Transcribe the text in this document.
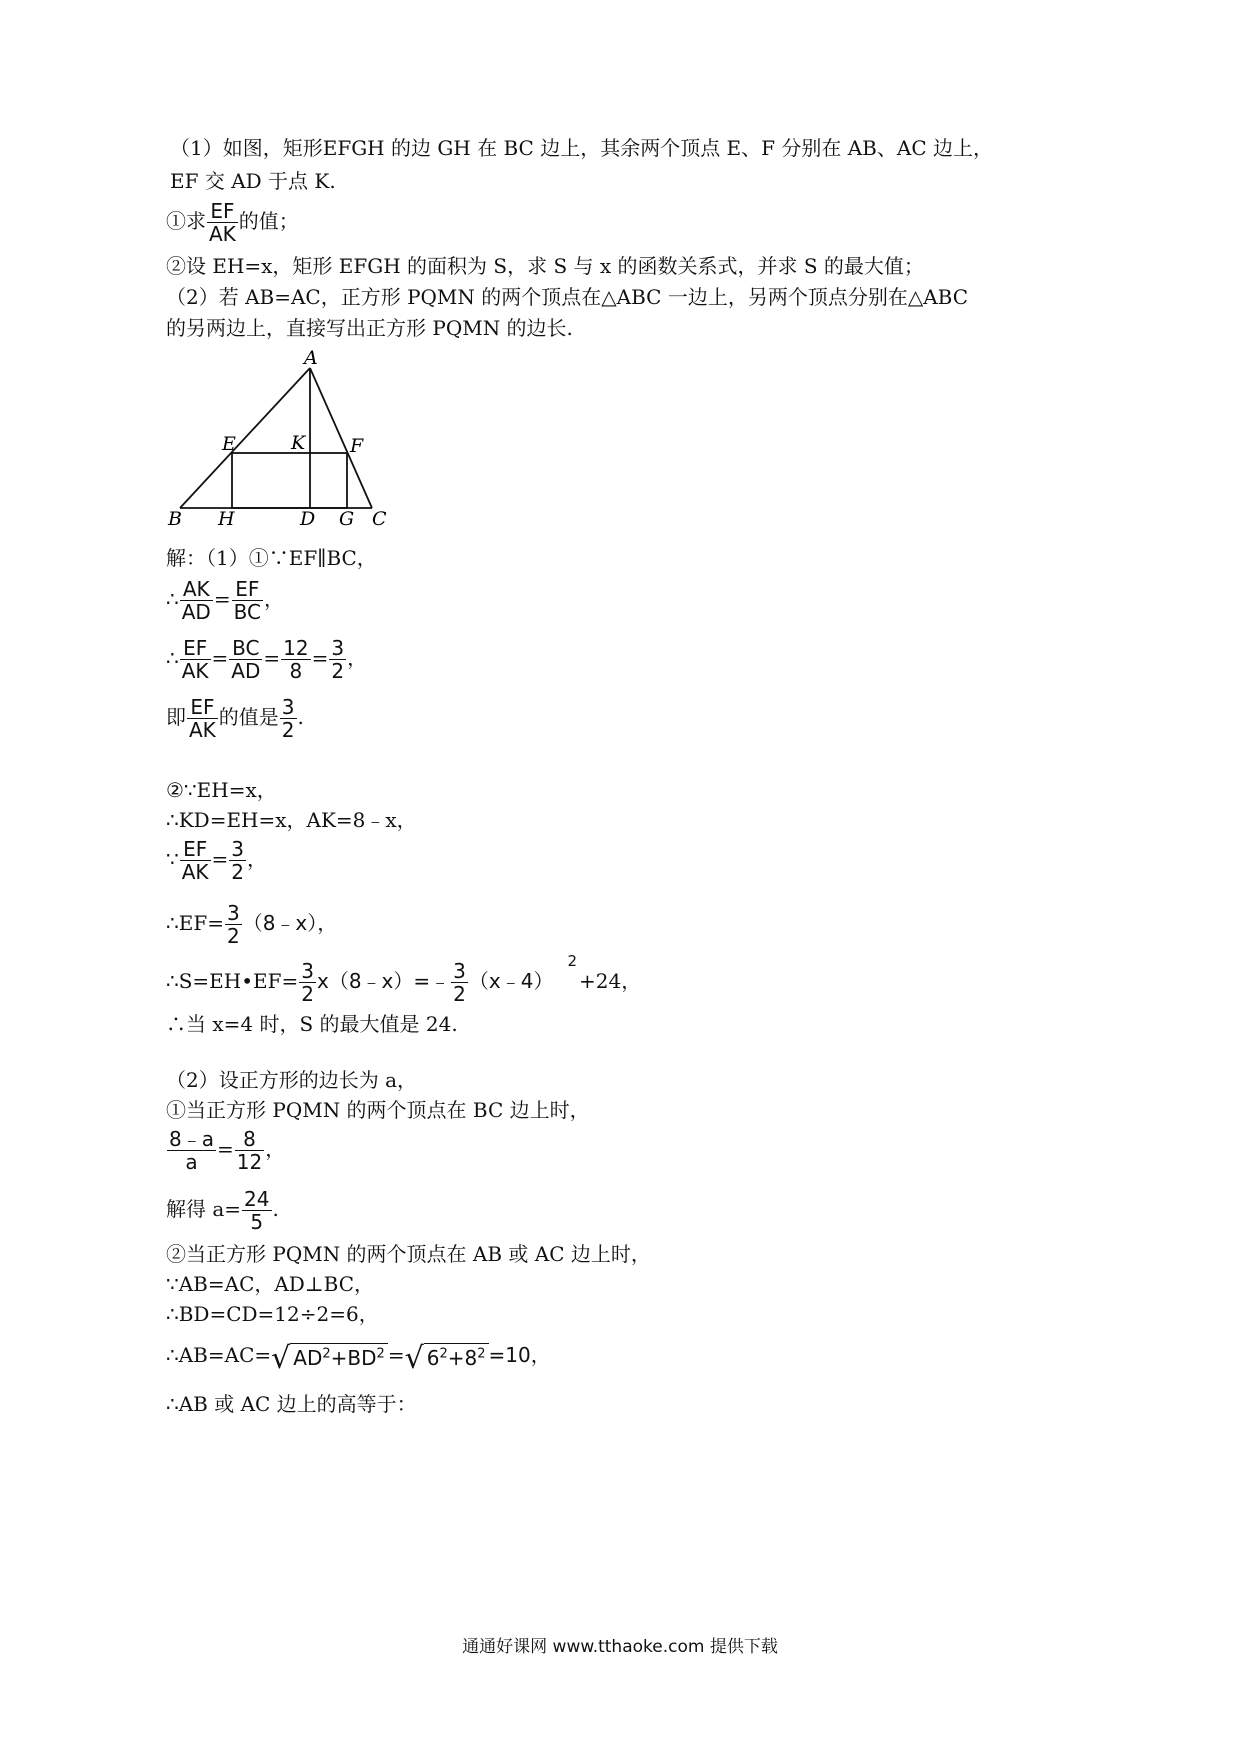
（1）如图，矩形EFGH 的边 GH 在 BC 边上，其余两个顶点 E、F 分别在 AB、AC 边上，
EF 交 AD 于点 K.
①求 $\frac{EF}{AK}$ 的值；
②设 EH=x，矩形 EFGH 的面积为 S，求 S 与 x 的函数关系式，并求 S 的最大值；
（2）若 AB=AC，正方形 PQMN 的两个顶点在△ABC 一边上，另两个顶点分别在△ABC
的另两边上，直接写出正方形 PQMN 的边长.
A
B	C
D
E	F
G
H
K
解：（1）①∵EF∥BC，
∴ $\frac{AK}{AD} = \frac{EF}{BC}$ ，
∴ $\frac{EF}{AK} = \frac{BC}{AD} = \frac{12}{8} = \frac{3}{2}$ ，
即 $\frac{EF}{AK}$ 的值是 $\frac{3}{2}$ .
②∵EH=x，
∴KD=EH=x，AK=8﹣x，
∵ $\frac{EF}{AK} = \frac{3}{2}$ ，
∴EF= $\frac{3}{2}$ （8﹣x），
∴S=EH•EF= $\frac{3}{2}$ x（8﹣x）=﹣ $\frac{3}{2}$ （x﹣4）$^2$+24，
∴当 x=4 时，S 的最大值是 24.
（2）设正方形的边长为 a，
①当正方形 PQMN 的两个顶点在 BC 边上时，
$\frac{8﹣a}{a} = \frac{8}{12}$ ，
解得 $a= \frac{24}{5}$ .
②当正方形 PQMN 的两个顶点在 AB 或 AC 边上时，
∵AB=AC，AD⊥BC，
∴BD=CD=12÷2=6，
∴AB=AC=√ $AD^2+BD^2$ =√ $6^2+8^2 =10$，
∴AB 或 AC 边上的高等于：
通通好课网 www.tthaoke.com 提供下载
